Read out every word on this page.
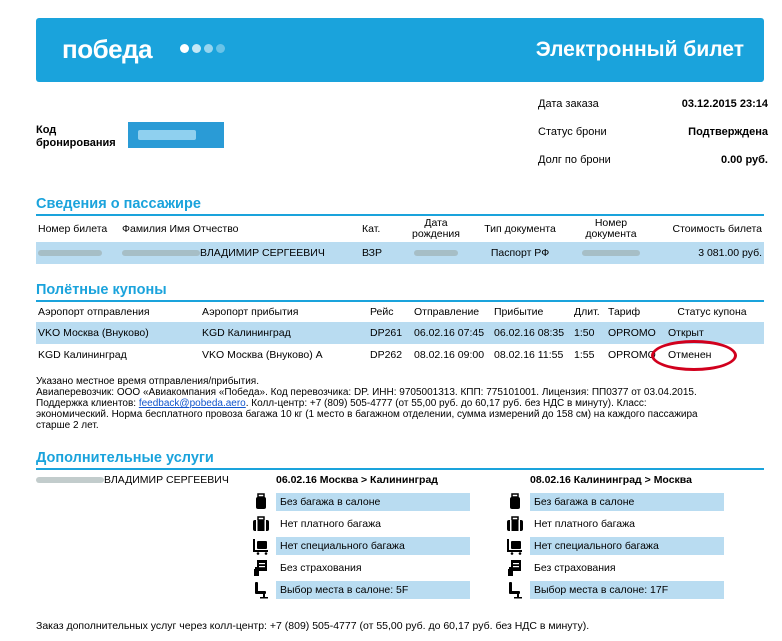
победа	Электронный билет
Дата заказа	03.12.2015 23:14
Статус брони	Подтверждена
Долг по брони	0.00 руб.
Код бронирования
Сведения о пассажире
Номер билета	Фамилия Имя Отчество	Кат.	Дата рождения	Тип документа	Номер документа	Стоимость билета
	ВЛАДИМИР СЕРГЕЕВИЧ	ВЗР		Паспорт РФ		3 081.00 руб.
Полётные купоны
Аэропорт отправления	Аэропорт прибытия	Рейс	Отправление	Прибытие	Длит.	Тариф	Статус купона
VKO Москва (Внуково)	KGD Калининград	DP261	06.02.16 07:45	06.02.16 08:35	1:50	OPROMO	Открыт
KGD Калининград	VKO Москва (Внуково) А	DP262	08.02.16 09:00	08.02.16 11:55	1:55	OPROMO	Отменен
Указано местное время отправления/прибытия.
Авиаперевозчик: ООО «Авиакомпания «Победа». Код перевозчика: DP. ИНН: 9705001313. КПП: 775101001. Лицензия: ПП0377 от 03.04.2015.
Поддержка клиентов: feedback@pobeda.aero. Колл-центр: +7 (809) 505-4777 (от 55,00 руб. до 60,17 руб. без НДС в минуту). Класс:
экономический. Норма бесплатного провоза багажа 10 кг (1 место в багажном отделении, сумма измерений до 158 см) на каждого пассажира
старше 2 лет.
Дополнительные услуги
ВЛАДИМИР СЕРГЕЕВИЧ	06.02.16 Москва > Калининград
Без багажа в салоне
Нет платного багажа
Нет специального багажа
Без страхования
Выбор места в салоне: 5F
08.02.16 Калининград > Москва
Без багажа в салоне
Нет платного багажа
Нет специального багажа
Без страхования
Выбор места в салоне: 17F
Заказ дополнительных услуг через колл-центр: +7 (809) 505-4777 (от 55,00 руб. до 60,17 руб. без НДС в минуту).
